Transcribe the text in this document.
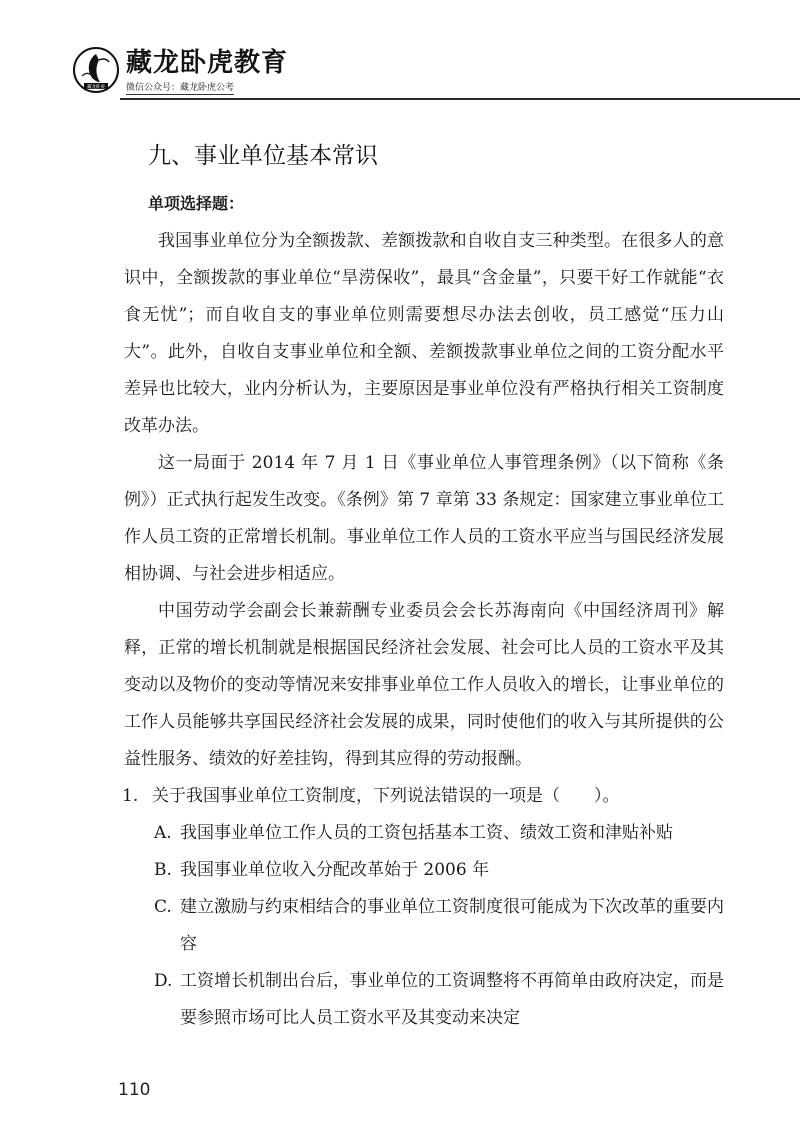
藏龙卧虎
藏龙卧虎教育
微信公众号：藏龙卧虎公考
九、事业单位基本常识
单项选择题：

我国事业单位分为全额拨款、差额拨款和自收自支三种类型。在很多人的意识中，全额拨款的事业单位“旱涝保收”，最具“含金量”，只要干好工作就能“衣食无忧”；而自收自支的事业单位则需要想尽办法去创收，员工感觉“压力山大”。此外，自收自支事业单位和全额、差额拨款事业单位之间的工资分配水平差异也比较大，业内分析认为，主要原因是事业单位没有严格执行相关工资制度改革办法。

这一局面于 2014 年 7 月 1 日《事业单位人事管理条例》（以下简称《条例》）正式执行起发生改变。《条例》第 7 章第 33 条规定：国家建立事业单位工作人员工资的正常增长机制。事业单位工作人员的工资水平应当与国民经济发展相协调、与社会进步相适应。

中国劳动学会副会长兼薪酬专业委员会会长苏海南向《中国经济周刊》解释，正常的增长机制就是根据国民经济社会发展、社会可比人员的工资水平及其变动以及物价的变动等情况来安排事业单位工作人员收入的增长，让事业单位的工作人员能够共享国民经济社会发展的成果，同时使他们的收入与其所提供的公益性服务、绩效的好差挂钩，得到其应得的劳动报酬。

1. 关于我国事业单位工资制度，下列说法错误的一项是（　　）。
A. 我国事业单位工作人员的工资包括基本工资、绩效工资和津贴补贴
B. 我国事业单位收入分配改革始于 2006 年
C. 建立激励与约束相结合的事业单位工资制度很可能成为下次改革的重要内容
D. 工资增长机制出台后，事业单位的工资调整将不再简单由政府决定，而是要参照市场可比人员工资水平及其变动来决定
110
